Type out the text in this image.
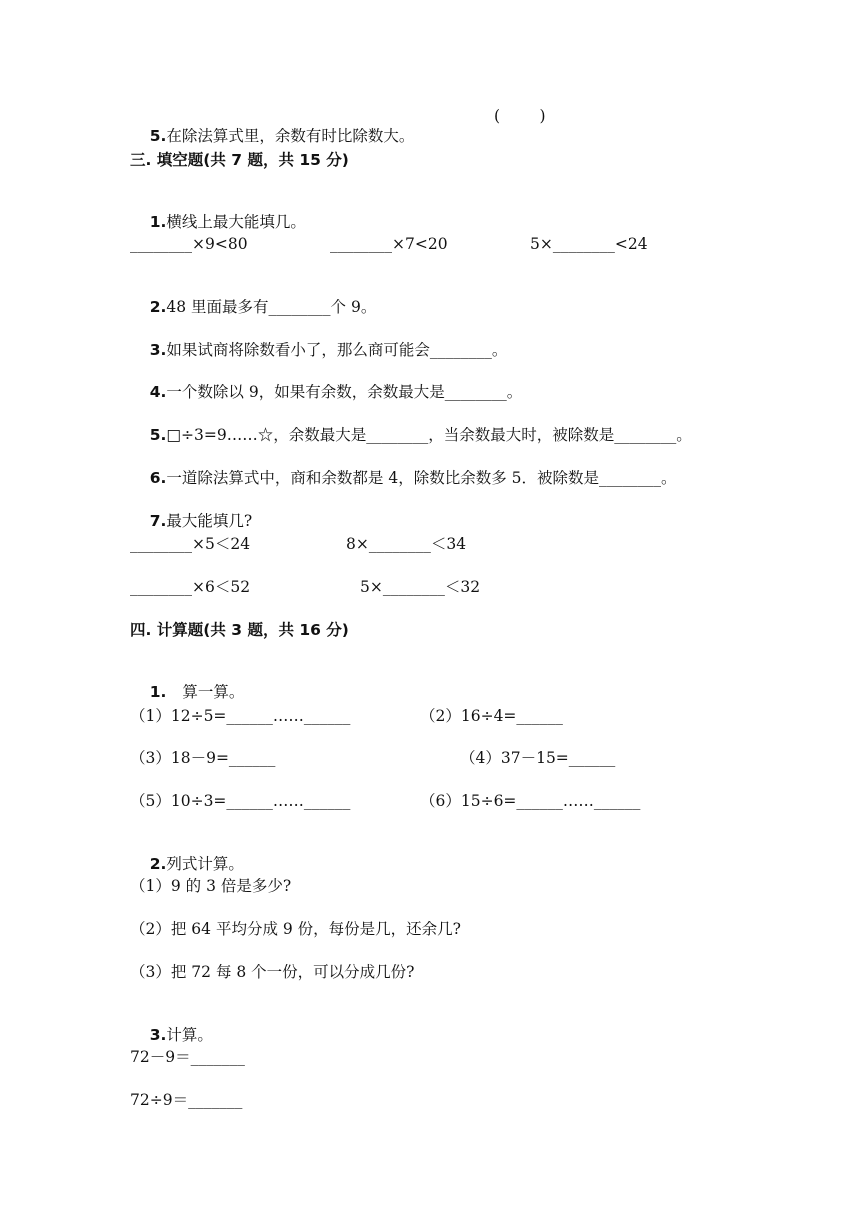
5.在除法算式里，余数有时比除数大。

(        )
三. 填空题(共 7 题，共 15 分)

1.横线上最大能填几。

________×9<80	________×7<20	5×________<24

2.48 里面最多有________个 9。

3.如果试商将除数看小了，那么商可能会________。

4.一个数除以 9，如果有余数，余数最大是________。

5.□÷3=9……☆，余数最大是________，当余数最大时，被除数是________。

6.一道除法算式中，商和余数都是 4，除数比余数多 5．被除数是________。

7.最大能填几?

________×5＜24	8×________＜34
________×6＜52	5×________＜32
四. 计算题(共 3 题，共 16 分)

1. 算一算。

（1）12÷5=______……______	（2）16÷4=______
（3）18－9=______	（4）37－15=______
（5）10÷3=______……______	（6）15÷6=______……______

2.列式计算。

（1）9 的 3 倍是多少?
（2）把 64 平均分成 9 份，每份是几，还余几?
（3）把 72 每 8 个一份，可以分成几份?

3.计算。

72－9＝_______
72÷9＝_______
